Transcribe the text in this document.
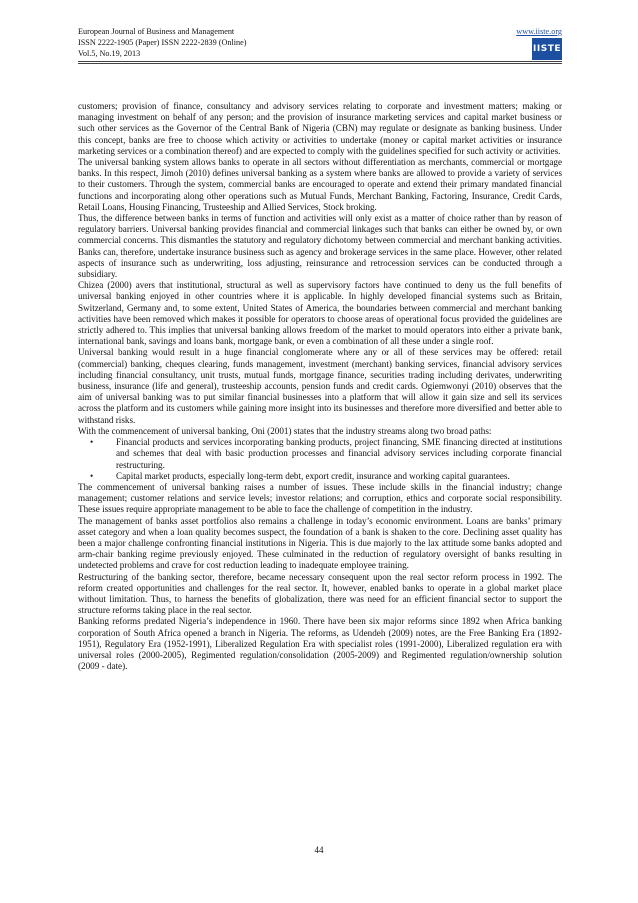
European Journal of Business and Management
ISSN 2222-1905 (Paper) ISSN 2222-2839 (Online)
Vol.5, No.19, 2013
www.iiste.org
IISTE

customers; provision of finance, consultancy and advisory services relating to corporate and investment matters; making or managing investment on behalf of any person; and the provision of insurance marketing services and capital market business or such other services as the Governor of the Central Bank of Nigeria (CBN) may regulate or designate as banking business. Under this concept, banks are free to choose which activity or activities to undertake (money or capital market activities or insurance marketing services or a combination thereof) and are expected to comply with the guidelines specified for such activity or activities.

The universal banking system allows banks to operate in all sectors without differentiation as merchants, commercial or mortgage banks. In this respect, Jimoh (2010) defines universal banking as a system where banks are allowed to provide a variety of services to their customers. Through the system, commercial banks are encouraged to operate and extend their primary mandated financial functions and incorporating along other operations such as Mutual Funds, Merchant Banking, Factoring, Insurance, Credit Cards, Retail Loans, Housing Financing, Trusteeship and Allied Services, Stock broking.

Thus, the difference between banks in terms of function and activities will only exist as a matter of choice rather than by reason of regulatory barriers. Universal banking provides financial and commercial linkages such that banks can either be owned by, or own commercial concerns. This dismantles the statutory and regulatory dichotomy between commercial and merchant banking activities. Banks can, therefore, undertake insurance business such as agency and brokerage services in the same place. However, other related aspects of insurance such as underwriting, loss adjusting, reinsurance and retrocession services can be conducted through a subsidiary.

Chizea (2000) avers that institutional, structural as well as supervisory factors have continued to deny us the full benefits of universal banking enjoyed in other countries where it is applicable. In highly developed financial systems such as Britain, Switzerland, Germany and, to some extent, United States of America, the boundaries between commercial and merchant banking activities have been removed which makes it possible for operators to choose areas of operational focus provided the guidelines are strictly adhered to. This implies that universal banking allows freedom of the market to mould operators into either a private bank, international bank, savings and loans bank, mortgage bank, or even a combination of all these under a single roof.

Universal banking would result in a huge financial conglomerate where any or all of these services may be offered: retail (commercial) banking, cheques clearing, funds management, investment (merchant) banking services, financial advisory services including financial consultancy, unit trusts, mutual funds, mortgage finance, securities trading including derivates, underwriting business, insurance (life and general), trusteeship accounts, pension funds and credit cards. Ogiemwonyi (2010) observes that the aim of universal banking was to put similar financial businesses into a platform that will allow it gain size and sell its services across the platform and its customers while gaining more insight into its businesses and therefore more diversified and better able to withstand risks.

With the commencement of universal banking, Oni (2001) states that the industry streams along two broad paths:

• Financial products and services incorporating banking products, project financing, SME financing directed at institutions and schemes that deal with basic production processes and financial advisory services including corporate financial restructuring.
• Capital market products, especially long-term debt, export credit, insurance and working capital guarantees.

The commencement of universal banking raises a number of issues. These include skills in the financial industry; change management; customer relations and service levels; investor relations; and corruption, ethics and corporate social responsibility. These issues require appropriate management to be able to face the challenge of competition in the industry.

The management of banks asset portfolios also remains a challenge in today’s economic environment. Loans are banks’ primary asset category and when a loan quality becomes suspect, the foundation of a bank is shaken to the core. Declining asset quality has been a major challenge confronting financial institutions in Nigeria. This is due majorly to the lax attitude some banks adopted and arm-chair banking regime previously enjoyed. These culminated in the reduction of regulatory oversight of banks resulting in undetected problems and crave for cost reduction leading to inadequate employee training.

Restructuring of the banking sector, therefore, became necessary consequent upon the real sector reform process in 1992. The reform created opportunities and challenges for the real sector. It, however, enabled banks to operate in a global market place without limitation. Thus, to harness the benefits of globalization, there was need for an efficient financial sector to support the structure reforms taking place in the real sector.

Banking reforms predated Nigeria’s independence in 1960. There have been six major reforms since 1892 when Africa banking corporation of South Africa opened a branch in Nigeria. The reforms, as Udendeh (2009) notes, are the Free Banking Era (1892-1951), Regulatory Era (1952-1991), Liberalized Regulation Era with specialist roles (1991-2000), Liberalized regulation era with universal roles (2000-2005), Regimented regulation/consolidation (2005-2009) and Regimented regulation/ownership solution (2009 - date).

44
